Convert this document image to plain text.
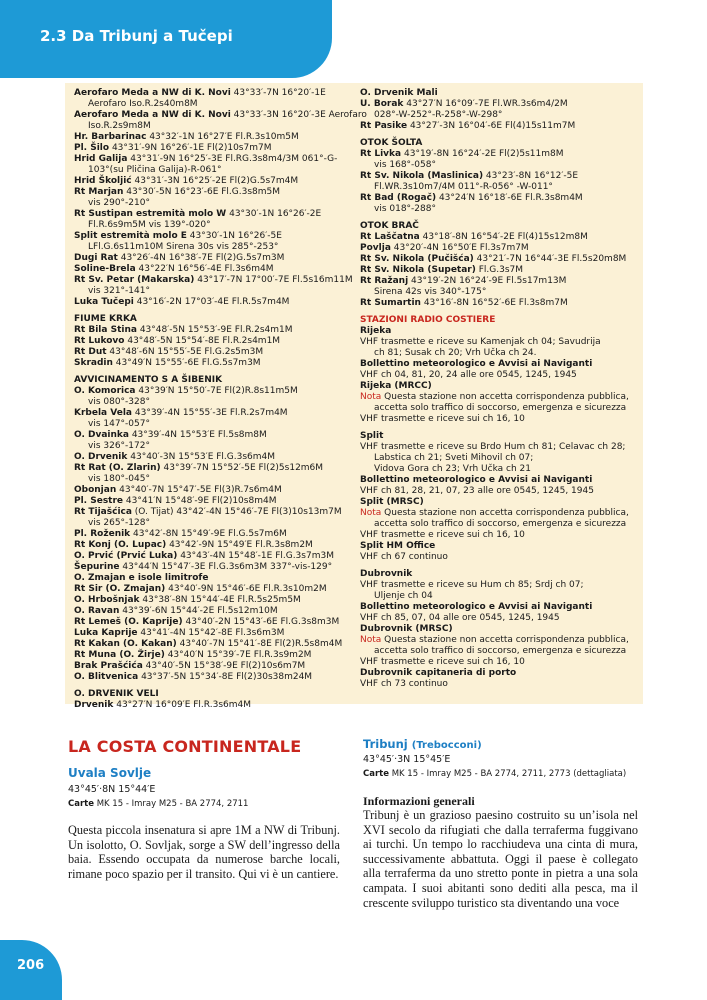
2.3 Da Tribunj a Tučepi
Aerofaro Meda a NW di K. Novi 43°33′-7N 16°20′-1E
Aerofaro Iso.R.2s40m8M
Aerofaro Meda a NW di K. Novi 43°33′-3N 16°20′-3E Aerofaro
Iso.R.2s9m8M
Hr. Barbarinac 43°32′-1N 16°27′E Fl.R.3s10m5M
Pl. Šilo 43°31′-9N 16°26′-1E Fl(2)10s7m7M
Hrid Galija 43°31′-9N 16°25′-3E Fl.RG.3s8m4/3M 061°-G-
103°(su Pličina Galija)-R-061°
Hrid Školjić 43°31′-3N 16°25′-2E Fl(2)G.5s7m4M
Rt Marjan 43°30′-5N 16°23′-6E Fl.G.3s8m5M
vis 290°-210°
Rt Sustipan estremità molo W 43°30′-1N 16°26′-2E
Fl.R.6s9m5M vis 139°-020°
Split estremità molo E 43°30′-1N 16°26′-5E
LFl.G.6s11m10M Sirena 30s vis 285°-253°
Dugi Rat 43°26′-4N 16°38′-7E Fl(2)G.5s7m3M
Soline-Brela 43°22′N 16°56′-4E Fl.3s6m4M
Rt Sv. Petar (Makarska) 43°17′-7N 17°00′-7E Fl.5s16m11M
vis 321°-141°
Luka Tučepi 43°16′-2N 17°03′-4E Fl.R.5s7m4M
FIUME KRKA
Rt Bila Stina 43°48′-5N 15°53′-9E Fl.R.2s4m1M
Rt Lukovo 43°48′-5N 15°54′-8E Fl.R.2s4m1M
Rt Dut 43°48′-6N 15°55′-5E Fl.G.2s5m3M
Skradin 43°49′N 15°55′-6E Fl.G.5s7m3M
AVVICINAMENTO S A ŠIBENIK
O. Komorica 43°39′N 15°50′-7E Fl(2)R.8s11m5M
vis 080°-328°
Krbela Vela 43°39′-4N 15°55′-3E Fl.R.2s7m4M
vis 147°-057°
O. Dvainka 43°39′-4N 15°53′E Fl.5s8m8M
vis 326°-172°
O. Drvenik 43°40′-3N 15°53′E Fl.G.3s6m4M
Rt Rat (O. Zlarin) 43°39′-7N 15°52′-5E Fl(2)5s12m6M
vis 180°-045°
Obonjan 43°40′-7N 15°47′-5E Fl(3)R.7s6m4M
Pl. Sestre 43°41′N 15°48′-9E Fl(2)10s8m4M
Rt Tijašćica (O. Tijat) 43°42′-4N 15°46′-7E Fl(3)10s13m7M
vis 265°-128°
Pl. Roženik 43°42′-8N 15°49′-9E Fl.G.5s7m6M
Rt Konj (O. Lupac) 43°42′-9N 15°49′E Fl.R.3s8m2M
O. Prvić (Prvić Luka) 43°43′-4N 15°48′-1E Fl.G.3s7m3M
Šepurine 43°44′N 15°47′-3E Fl.G.3s6m3M 337°-vis-129°
O. Zmajan e isole limitrofe
Rt Sir (O. Zmajan) 43°40′-9N 15°46′-6E Fl.R.3s10m2M
O. Hrbošnjak 43°38′-8N 15°44′-4E Fl.R.5s25m5M
O. Ravan 43°39′-6N 15°44′-2E Fl.5s12m10M
Rt Lemeš (O. Kaprije) 43°40′-2N 15°43′-6E Fl.G.3s8m3M
Luka Kaprije 43°41′-4N 15°42′-8E Fl.3s6m3M
Rt Kakan (O. Kakan) 43°40′-7N 15°41′-8E Fl(2)R.5s8m4M
Rt Muna (O. Žirje) 43°40′N 15°39′-7E Fl.R.3s9m2M
Brak Prašćića 43°40′-5N 15°38′-9E Fl(2)10s6m7M
O. Blitvenica 43°37′-5N 15°34′-8E Fl(2)30s38m24M
O. DRVENIK VELI
Drvenik 43°27′N 16°09′E Fl.R.3s6m4M
O. Drvenik Mali
U. Borak 43°27′N 16°09′-7E Fl.WR.3s6m4/2M
028°-W-252°-R-258°-W-298°
Rt Pasike 43°27′-3N 16°04′-6E Fl(4)15s11m7M
OTOK ŠOLTA
Rt Livka 43°19′-8N 16°24′-2E Fl(2)5s11m8M
vis 168°-058°
Rt Sv. Nikola (Maslinica) 43°23′-8N 16°12′-5E
Fl.WR.3s10m7/4M 011°-R-056° -W-011°
Rt Bad (Rogač) 43°24′N 16°18′-6E Fl.R.3s8m4M
vis 018°-288°
OTOK BRAČ
Rt Laščatna 43°18′-8N 16°54′-2E Fl(4)15s12m8M
Povlja 43°20′-4N 16°50′E Fl.3s7m7M
Rt Sv. Nikola (Pučišća) 43°21′-7N 16°44′-3E Fl.5s20m8M
Rt Sv. Nikola (Supetar) Fl.G.3s7M
Rt Ražanj 43°19′-2N 16°24′-9E Fl.5s17m13M
Sirena 42s vis 340°-175°
Rt Sumartin 43°16′-8N 16°52′-6E Fl.3s8m7M
STAZIONI RADIO COSTIERE
Rijeka
VHF trasmette e riceve su Kamenjak ch 04; Savudrija
ch 81; Susak ch 20; Vrh Učka ch 24.
Bollettino meteorologico e Avvisi ai Naviganti
VHF ch 04, 81, 20, 24 alle ore 0545, 1245, 1945
Rijeka (MRCC)
Nota Questa stazione non accetta corrispondenza pubblica,
accetta solo traffico di soccorso, emergenza e sicurezza
VHF trasmette e riceve sui ch 16, 10
Split
VHF trasmette e riceve su Brdo Hum ch 81; Celavac ch 28;
Labstica ch 21; Sveti Mihovil ch 07;
Vidova Gora ch 23; Vrh Učka ch 21
Bollettino meteorologico e Avvisi ai Naviganti
VHF ch 81, 28, 21, 07, 23 alle ore 0545, 1245, 1945
Split (MRSC)
Nota Questa stazione non accetta corrispondenza pubblica,
accetta solo traffico di soccorso, emergenza e sicurezza
VHF trasmette e riceve sui ch 16, 10
Split HM Office
VHF ch 67 continuo
Dubrovnik
VHF trasmette e riceve su Hum ch 85; Srdj ch 07;
Uljenje ch 04
Bollettino meteorologico e Avvisi ai Naviganti
VHF ch 85, 07, 04 alle ore 0545, 1245, 1945
Dubrovnik (MRSC)
Nota Questa stazione non accetta corrispondenza pubblica,
accetta solo traffico di soccorso, emergenza e sicurezza
VHF trasmette e riceve sui ch 16, 10
Dubrovnik capitaneria di porto
VHF ch 73 continuo
LA COSTA CONTINENTALE
Uvala Sovlje
43°45′·8N 15°44′E
Carte MK 15 - Imray M25 - BA 2774, 2711
Questa piccola insenatura si apre 1M a NW di Tribunj. Un isolotto, O. Sovljak, sorge a SW dell’ingresso della baia. Essendo occupata da numerose barche locali, rimane poco spazio per il transito. Qui vi è un cantiere.
Tribunj (Trebocconi)
43°45′·3N 15°45′E
Carte MK 15 - Imray M25 - BA 2774, 2711, 2773 (dettagliata)
Informazioni generali
Tribunj è un grazioso paesino costruito su un’isola nel XVI secolo da rifugiati che dalla terraferma fuggivano ai turchi. Un tempo lo racchiudeva una cinta di mura, successivamente abbattuta. Oggi il paese è collegato alla terraferma da uno stretto ponte in pietra a una sola campata. I suoi abitanti sono dediti alla pesca, ma il crescente sviluppo turistico sta diventando una voce
206
